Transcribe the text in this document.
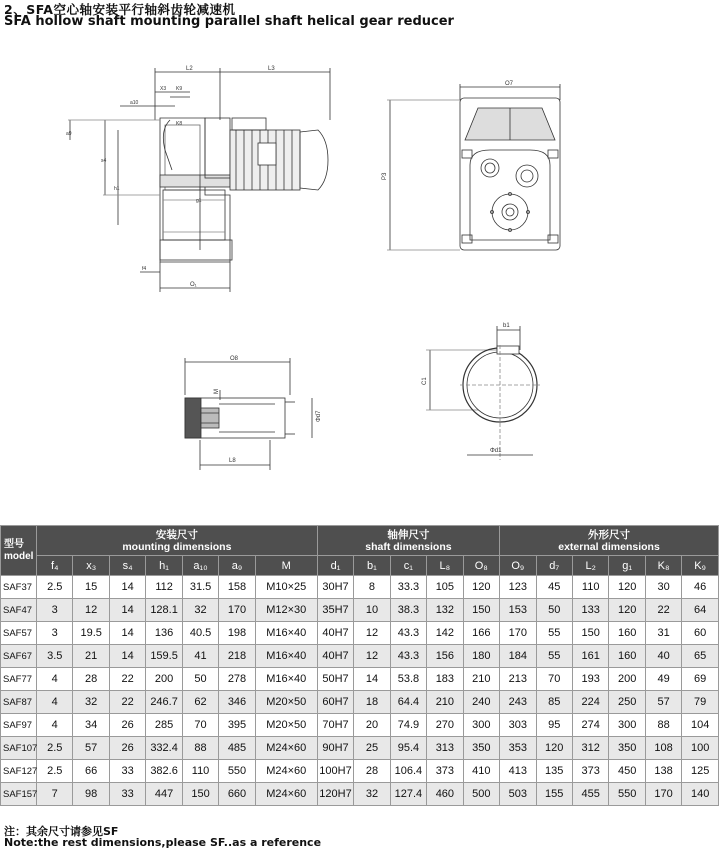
2、SFA空心轴安装平行轴斜齿轮减速机
SFA hollow shaft mounting parallel shaft helical gear reducer
L2	L3
X3 K9
a10
K8
a9
s4
h1
g1
f4
O₁
O7
P3
O8
M
Φd7
L8
b1
C1
Φd1
型号
model	安装尺寸
mounting dimensions							轴伸尺寸
shaft dimensions					外形尺寸
external dimensions					
	f₄	x₃	s₄	h₁	a₁₀	a₉	M	d₁	b₁	c₁	L₈	O₈	O₉	d₇	L₂	g₁	K₈	K₉
SAF37	2.5	15	14	112	31.5	158	M10×25	30H7	8	33.3	105	120	123	45	110	120	30	46
SAF47	3	12	14	128.1	32	170	M12×30	35H7	10	38.3	132	150	153	50	133	120	22	64
SAF57	3	19.5	14	136	40.5	198	M16×40	40H7	12	43.3	142	166	170	55	150	160	31	60
SAF67	3.5	21	14	159.5	41	218	M16×40	40H7	12	43.3	156	180	184	55	161	160	40	65
SAF77	4	28	22	200	50	278	M16×40	50H7	14	53.8	183	210	213	70	193	200	49	69
SAF87	4	32	22	246.7	62	346	M20×50	60H7	18	64.4	210	240	243	85	224	250	57	79
SAF97	4	34	26	285	70	395	M20×50	70H7	20	74.9	270	300	303	95	274	300	88	104
SAF107	2.5	57	26	332.4	88	485	M24×60	90H7	25	95.4	313	350	353	120	312	350	108	100
SAF127	2.5	66	33	382.6	110	550	M24×60	100H7	28	106.4	373	410	413	135	373	450	138	125
SAF157	7	98	33	447	150	660	M24×60	120H7	32	127.4	460	500	503	155	455	550	170	140
注：其余尺寸请参见SF
Note:the rest dimensions,please SF..as a reference
